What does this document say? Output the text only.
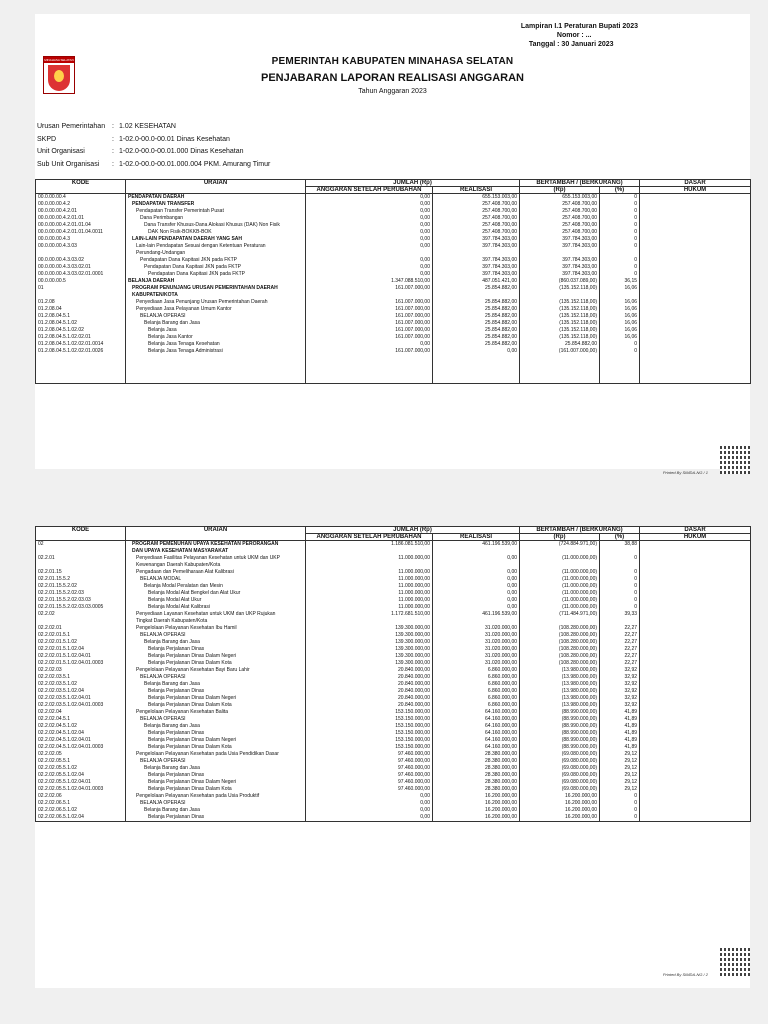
Lampiran I.1 Peraturan Bupati 2023
Nomor : ...
Tanggal : 30 Januari 2023
MINAHASA SELATAN	PEMERINTAH KABUPATEN MINAHASA SELATAN
PENJABARAN LAPORAN REALISASI ANGGARAN
Tahun Anggaran 2023
Urusan Pemerintahan : 1.02 KESEHATAN
SKPD	: 1-02.0-00.0-00.01 Dinas Kesehatan
Unit Organisasi	: 1-02.0-00.0-00.01.000 Dinas Kesehatan
Sub Unit Organisasi	: 1-02.0-00.0-00.01.000.004 PKM. Amurang Timur
KODE	URAIAN	JUMLAH (Rp)		BERTAMBAH / (BERKURANG)		DASAR
		ANGGARAN SETELAH PERUBAHAN	REALISASI	(Rp)	(%)	HUKUM
00.0.00.00.4	PENDAPATAN DAERAH	0,00	655.153.003,00	655.153.003,00	0	
00.0.00.00.4.2	PENDAPATAN TRANSFER	0,00	257.408.700,00	257.408.700,00	0	
00.0.00.00.4.2.01	Pendapatan Transfer Pemerintah Pusat	0,00	257.408.700,00	257.408.700,00	0	
00.0.00.00.4.2.01.01	Dana Perimbangan	0,00	257.408.700,00	257.408.700,00	0	
00.0.00.00.4.2.01.01.04	Dana Transfer Khusus-Dana Alokasi Khusus (DAK) Non Fisik	0,00	257.408.700,00	257.408.700,00	0	
00.0.00.00.4.2.01.01.04.0011	DAK Non Fisik-BOKKB-BOK	0,00	257.408.700,00	257.408.700,00	0	
00.0.00.00.4.3	LAIN-LAIN PENDAPATAN DAERAH YANG SAH	0,00	397.784.303,00	397.784.303,00	0	
00.0.00.00.4.3.03	Lain-lain Pendapatan Sesuai dengan Ketentuan Peraturan	0,00	397.784.303,00	397.784.303,00	0	
	Perundang-Undangan					
00.0.00.00.4.3.03.02	Pendapatan Dana Kapitasi JKN pada FKTP	0,00	397.784.303,00	397.784.303,00	0	
00.0.00.00.4.3.03.02.01	Pendapatan Dana Kapitasi JKN pada FKTP	0,00	397.784.303,00	397.784.303,00	0	
00.0.00.00.4.3.03.02.01.0001	Pendapatan Dana Kapitasi JKN pada FKTP	0,00	397.784.303,00	397.784.303,00	0	
00.0.00.00.5	BELANJA DAERAH	1.347.088.510,00	487.051.421,00	(860.037.089,00)	36,15	
01	PROGRAM PENUNJANG URUSAN PEMERINTAHAN DAERAH	161.007.000,00	25.854.882,00	(135.152.118,00)	16,06	
	KABUPATEN/KOTA					
01.2.08	Penyediaan Jasa Penunjang Urusan Pemerintahan Daerah	161.007.000,00	25.854.882,00	(135.152.118,00)	16,06	
01.2.08.04	Penyediaan Jasa Pelayanan Umum Kantor	161.007.000,00	25.854.882,00	(135.152.118,00)	16,06	
01.2.08.04.5.1	BELANJA OPERASI	161.007.000,00	25.854.882,00	(135.152.118,00)	16,06	
01.2.08.04.5.1.02	Belanja Barang dan Jasa	161.007.000,00	25.854.882,00	(135.152.118,00)	16,06	
01.2.08.04.5.1.02.02	Belanja Jasa	161.007.000,00	25.854.882,00	(135.152.118,00)	16,06	
01.2.08.04.5.1.02.02.01	Belanja Jasa Kantor	161.007.000,00	25.854.882,00	(135.152.118,00)	16,06	
01.2.08.04.5.1.02.02.01.0014	Belanja Jasa Tenaga Kesehatan	0,00	25.854.882,00	25.854.882,00	0	
01.2.08.04.5.1.02.02.01.0026	Belanja Jasa Tenaga Administrasi	161.007.000,00	0,00	(161.007.000,00)	0	

Printed By SIMDA-NG / 1
KODE	URAIAN	JUMLAH (Rp)		BERTAMBAH / (BERKURANG)		DASAR
		ANGGARAN SETELAH PERUBAHAN	REALISASI	(Rp)	(%)	HUKUM
02	PROGRAM PEMENUHAN UPAYA KESEHATAN PERORANGAN	1.186.081.510,00	461.196.539,00	(724.884.971,00)	38,88	
	DAN UPAYA KESEHATAN MASYARAKAT					
02.2.01	Penyediaan Fasilitas Pelayanan Kesehatan untuk UKM dan UKP	11.000.000,00	0,00	(11.000.000,00)	0	
	Kewenangan Daerah Kabupaten/Kota					
02.2.01.15	Pengadaan dan Pemeliharaan Alat Kalibrasi	11.000.000,00	0,00	(11.000.000,00)	0	
02.2.01.15.5.2	BELANJA MODAL	11.000.000,00	0,00	(11.000.000,00)	0	
02.2.01.15.5.2.02	Belanja Modal Peralatan dan Mesin	11.000.000,00	0,00	(11.000.000,00)	0	
02.2.01.15.5.2.02.03	Belanja Modal Alat Bengkel dan Alat Ukur	11.000.000,00	0,00	(11.000.000,00)	0	
02.2.01.15.5.2.02.03.03	Belanja Modal Alat Ukur	11.000.000,00	0,00	(11.000.000,00)	0	
02.2.01.15.5.2.02.03.03.0005	Belanja Modal Alat Kalibrasi	11.000.000,00	0,00	(11.000.000,00)	0	
02.2.02	Penyediaan Layanan Kesehatan untuk UKM dan UKP Rujukan	1.172.681.510,00	461.196.539,00	(711.484.971,00)	39,33	
	Tingkat Daerah Kabupaten/Kota					
02.2.02.01	Pengelolaan Pelayanan Kesehatan Ibu Hamil	139.300.000,00	31.020.000,00	(108.280.000,00)	22,27	
02.2.02.01.5.1	BELANJA OPERASI	139.300.000,00	31.020.000,00	(108.280.000,00)	22,27	
02.2.02.01.5.1.02	Belanja Barang dan Jasa	139.300.000,00	31.020.000,00	(108.280.000,00)	22,27	
02.2.02.01.5.1.02.04	Belanja Perjalanan Dinas	139.300.000,00	31.020.000,00	(108.280.000,00)	22,27	
02.2.02.01.5.1.02.04.01	Belanja Perjalanan Dinas Dalam Negeri	139.300.000,00	31.020.000,00	(108.280.000,00)	22,27	
02.2.02.01.5.1.02.04.01.0003	Belanja Perjalanan Dinas Dalam Kota	139.300.000,00	31.020.000,00	(108.280.000,00)	22,27	
02.2.02.03	Pengelolaan Pelayanan Kesehatan Bayi Baru Lahir	20.840.000,00	6.860.000,00	(13.980.000,00)	32,92	
02.2.02.03.5.1	BELANJA OPERASI	20.840.000,00	6.860.000,00	(13.980.000,00)	32,92	
02.2.02.03.5.1.02	Belanja Barang dan Jasa	20.840.000,00	6.860.000,00	(13.980.000,00)	32,92	
02.2.02.03.5.1.02.04	Belanja Perjalanan Dinas	20.840.000,00	6.860.000,00	(13.980.000,00)	32,92	
02.2.02.03.5.1.02.04.01	Belanja Perjalanan Dinas Dalam Negeri	20.840.000,00	6.860.000,00	(13.980.000,00)	32,92	
02.2.02.03.5.1.02.04.01.0003	Belanja Perjalanan Dinas Dalam Kota	20.840.000,00	6.860.000,00	(13.980.000,00)	32,92	
02.2.02.04	Pengelolaan Pelayanan Kesehatan Balita	153.150.000,00	64.160.000,00	(88.990.000,00)	41,89	
02.2.02.04.5.1	BELANJA OPERASI	153.150.000,00	64.160.000,00	(88.990.000,00)	41,89	
02.2.02.04.5.1.02	Belanja Barang dan Jasa	153.150.000,00	64.160.000,00	(88.990.000,00)	41,89	
02.2.02.04.5.1.02.04	Belanja Perjalanan Dinas	153.150.000,00	64.160.000,00	(88.990.000,00)	41,89	
02.2.02.04.5.1.02.04.01	Belanja Perjalanan Dinas Dalam Negeri	153.150.000,00	64.160.000,00	(88.990.000,00)	41,89	
02.2.02.04.5.1.02.04.01.0003	Belanja Perjalanan Dinas Dalam Kota	153.150.000,00	64.160.000,00	(88.990.000,00)	41,89	
02.2.02.05	Pengelolaan Pelayanan Kesehatan pada Usia Pendidikan Dasar	97.460.000,00	28.380.000,00	(69.080.000,00)	29,12	
02.2.02.05.5.1	BELANJA OPERASI	97.460.000,00	28.380.000,00	(69.080.000,00)	29,12	
02.2.02.05.5.1.02	Belanja Barang dan Jasa	97.460.000,00	28.380.000,00	(69.080.000,00)	29,12	
02.2.02.05.5.1.02.04	Belanja Perjalanan Dinas	97.460.000,00	28.380.000,00	(69.080.000,00)	29,12	
02.2.02.05.5.1.02.04.01	Belanja Perjalanan Dinas Dalam Negeri	97.460.000,00	28.380.000,00	(69.080.000,00)	29,12	
02.2.02.05.5.1.02.04.01.0003	Belanja Perjalanan Dinas Dalam Kota	97.460.000,00	28.380.000,00	(69.080.000,00)	29,12	
02.2.02.06	Pengelolaan Pelayanan Kesehatan pada Usia Produktif	0,00	16.200.000,00	16.200.000,00	0	
02.2.02.06.5.1	BELANJA OPERASI	0,00	16.200.000,00	16.200.000,00	0	
02.2.02.06.5.1.02	Belanja Barang dan Jasa	0,00	16.200.000,00	16.200.000,00	0	
02.2.02.06.5.1.02.04	Belanja Perjalanan Dinas	0,00	16.200.000,00	16.200.000,00	0	
Printed By SIMDA-NG / 2
